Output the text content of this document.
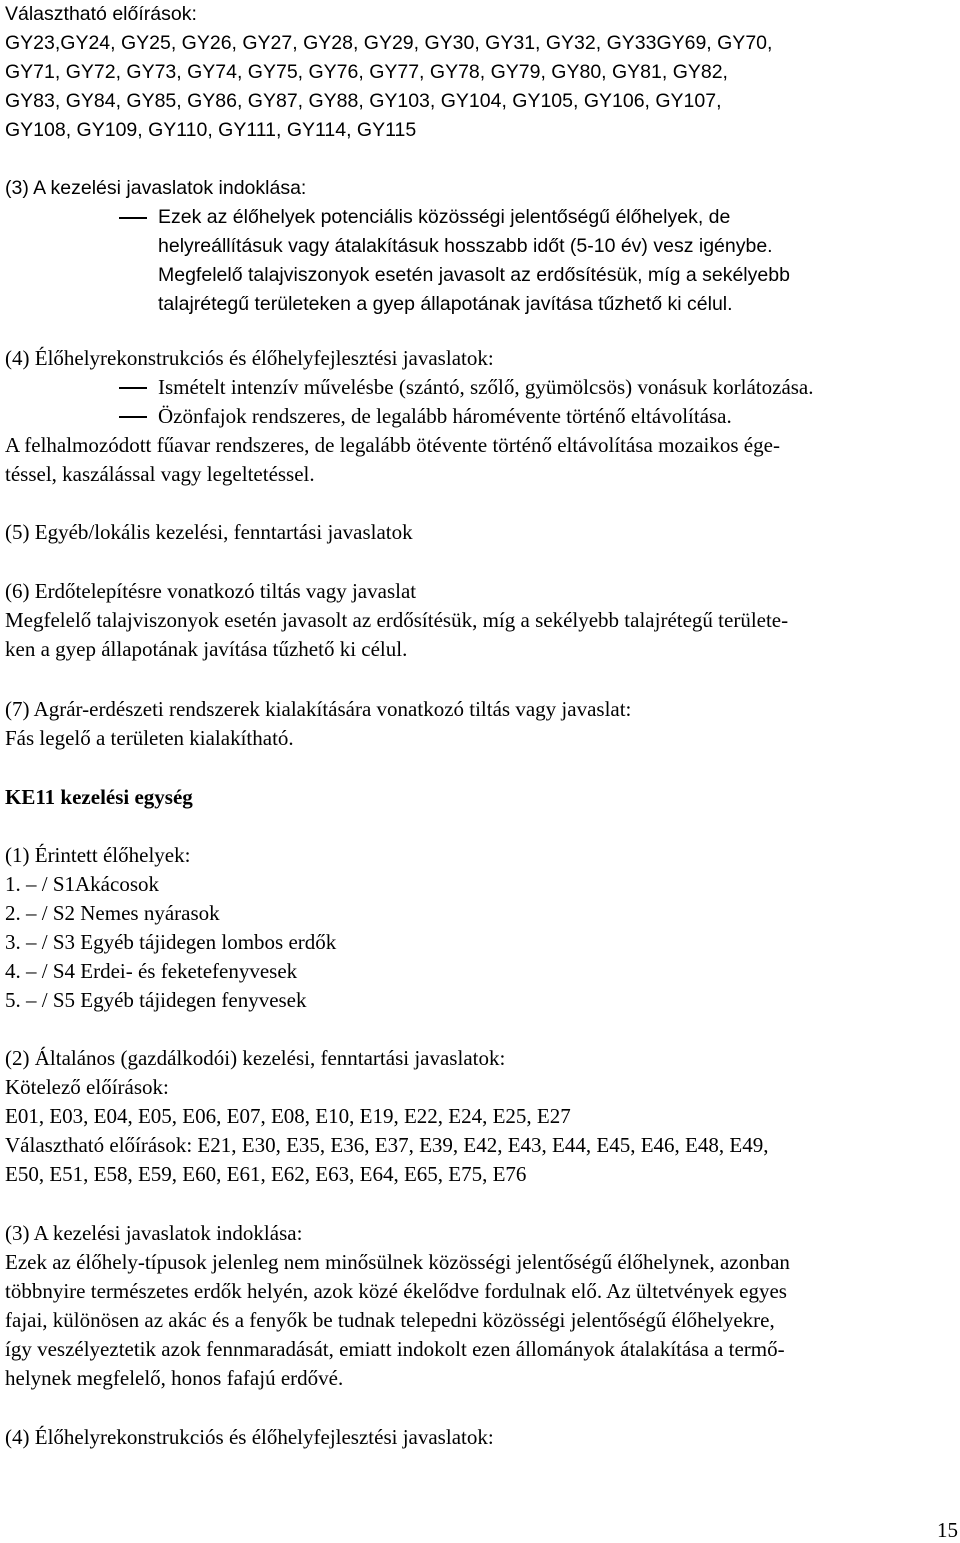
Választható előírások:
GY23,GY24, GY25, GY26, GY27, GY28, GY29, GY30, GY31, GY32, GY33GY69, GY70,
GY71, GY72, GY73, GY74, GY75, GY76, GY77, GY78, GY79, GY80, GY81, GY82,
GY83, GY84, GY85, GY86, GY87, GY88, GY103, GY104, GY105, GY106, GY107,
GY108, GY109, GY110, GY111, GY114, GY115
(3) A kezelési javaslatok indoklása:
Ezek az élőhelyek potenciális közösségi jelentőségű élőhelyek, de
helyreállításuk vagy átalakításuk hosszabb időt (5-10 év) vesz igénybe.
Megfelelő talajviszonyok esetén javasolt az erdősítésük, míg a sekélyebb
talajrétegű területeken a gyep állapotának javítása tűzhető ki célul.
(4) Élőhelyrekonstrukciós és élőhelyfejlesztési javaslatok:
Ismételt intenzív művelésbe (szántó, szőlő, gyümölcsös) vonásuk korlátozása.
Özönfajok rendszeres, de legalább háromévente történő eltávolítása.
A felhalmozódott fűavar rendszeres, de legalább ötévente történő eltávolítása mozaikos ége-
téssel, kaszálással vagy legeltetéssel.
(5) Egyéb/lokális kezelési, fenntartási javaslatok
(6) Erdőtelepítésre vonatkozó tiltás vagy javaslat
Megfelelő talajviszonyok esetén javasolt az erdősítésük, míg a sekélyebb talajrétegű területe-
ken a gyep állapotának javítása tűzhető ki célul.
(7) Agrár-erdészeti rendszerek kialakítására vonatkozó tiltás vagy javaslat:
Fás legelő a területen kialakítható.
KE11 kezelési egység
(1) Érintett élőhelyek:
1. – / S1Akácosok
2. – / S2 Nemes nyárasok
3. – / S3 Egyéb tájidegen lombos erdők
4. – / S4 Erdei- és feketefenyvesek
5. – / S5 Egyéb tájidegen fenyvesek
(2) Általános (gazdálkodói) kezelési, fenntartási javaslatok:
Kötelező előírások:
E01, E03, E04, E05, E06, E07, E08, E10, E19, E22, E24, E25, E27
Választható előírások: E21, E30, E35, E36, E37, E39, E42, E43, E44, E45, E46, E48, E49,
E50, E51, E58, E59, E60, E61, E62, E63, E64, E65, E75, E76
(3) A kezelési javaslatok indoklása:
Ezek az élőhely-típusok jelenleg nem minősülnek közösségi jelentőségű élőhelynek, azonban
többnyire természetes erdők helyén, azok közé ékelődve fordulnak elő. Az ültetvények egyes
fajai, különösen az akác és a fenyők be tudnak telepedni közösségi jelentőségű élőhelyekre,
így veszélyeztetik azok fennmaradását, emiatt indokolt ezen állományok átalakítása a termő-
helynek megfelelő, honos fafajú erdővé.
(4) Élőhelyrekonstrukciós és élőhelyfejlesztési javaslatok:
15
